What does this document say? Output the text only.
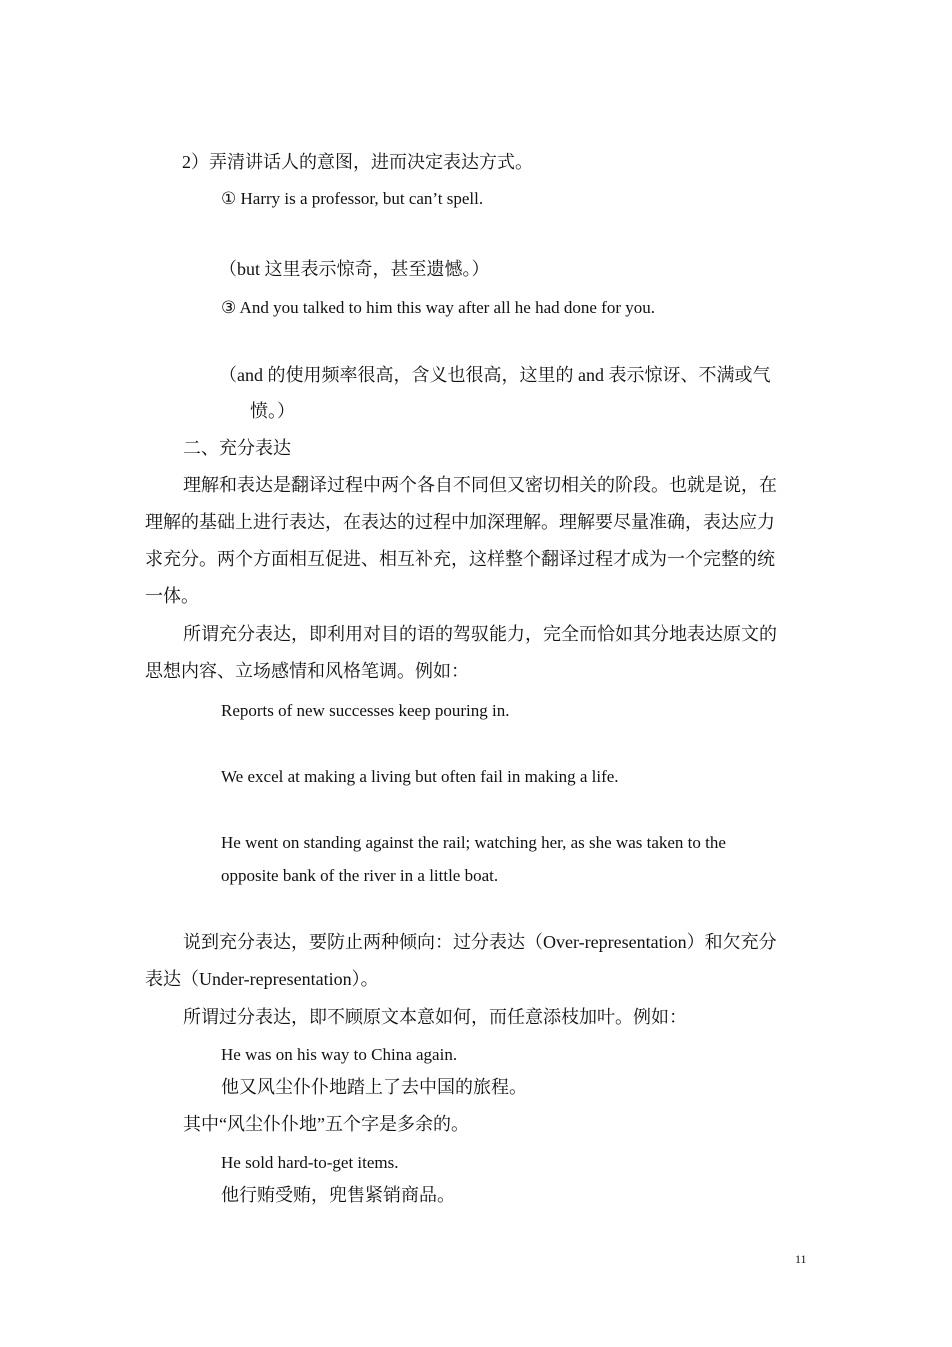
2）弄清讲话人的意图，进而决定表达方式。
① Harry is a professor, but can’t spell.
（but 这里表示惊奇，甚至遗憾。）
③ And you talked to him this way after all he had done for you.
（and 的使用频率很高，含义也很高，这里的 and 表示惊讶、不满或气
愤。）
二、充分表达
理解和表达是翻译过程中两个各自不同但又密切相关的阶段。也就是说，在
理解的基础上进行表达，在表达的过程中加深理解。理解要尽量准确，表达应力
求充分。两个方面相互促进、相互补充，这样整个翻译过程才成为一个完整的统
一体。
所谓充分表达，即利用对目的语的驾驭能力，完全而恰如其分地表达原文的
思想内容、立场感情和风格笔调。例如：
Reports of new successes keep pouring in.
We excel at making a living but often fail in making a life.
He went on standing against the rail; watching her, as she was taken to the
opposite bank of the river in a little boat.
说到充分表达，要防止两种倾向：过分表达（Over-representation）和欠充分
表达（Under-representation）。
所谓过分表达，即不顾原文本意如何，而任意添枝加叶。例如：
He was on his way to China again.
他又风尘仆仆地踏上了去中国的旅程。
其中“风尘仆仆地”五个字是多余的。
He sold hard-to-get items.
他行贿受贿，兜售紧销商品。
11
